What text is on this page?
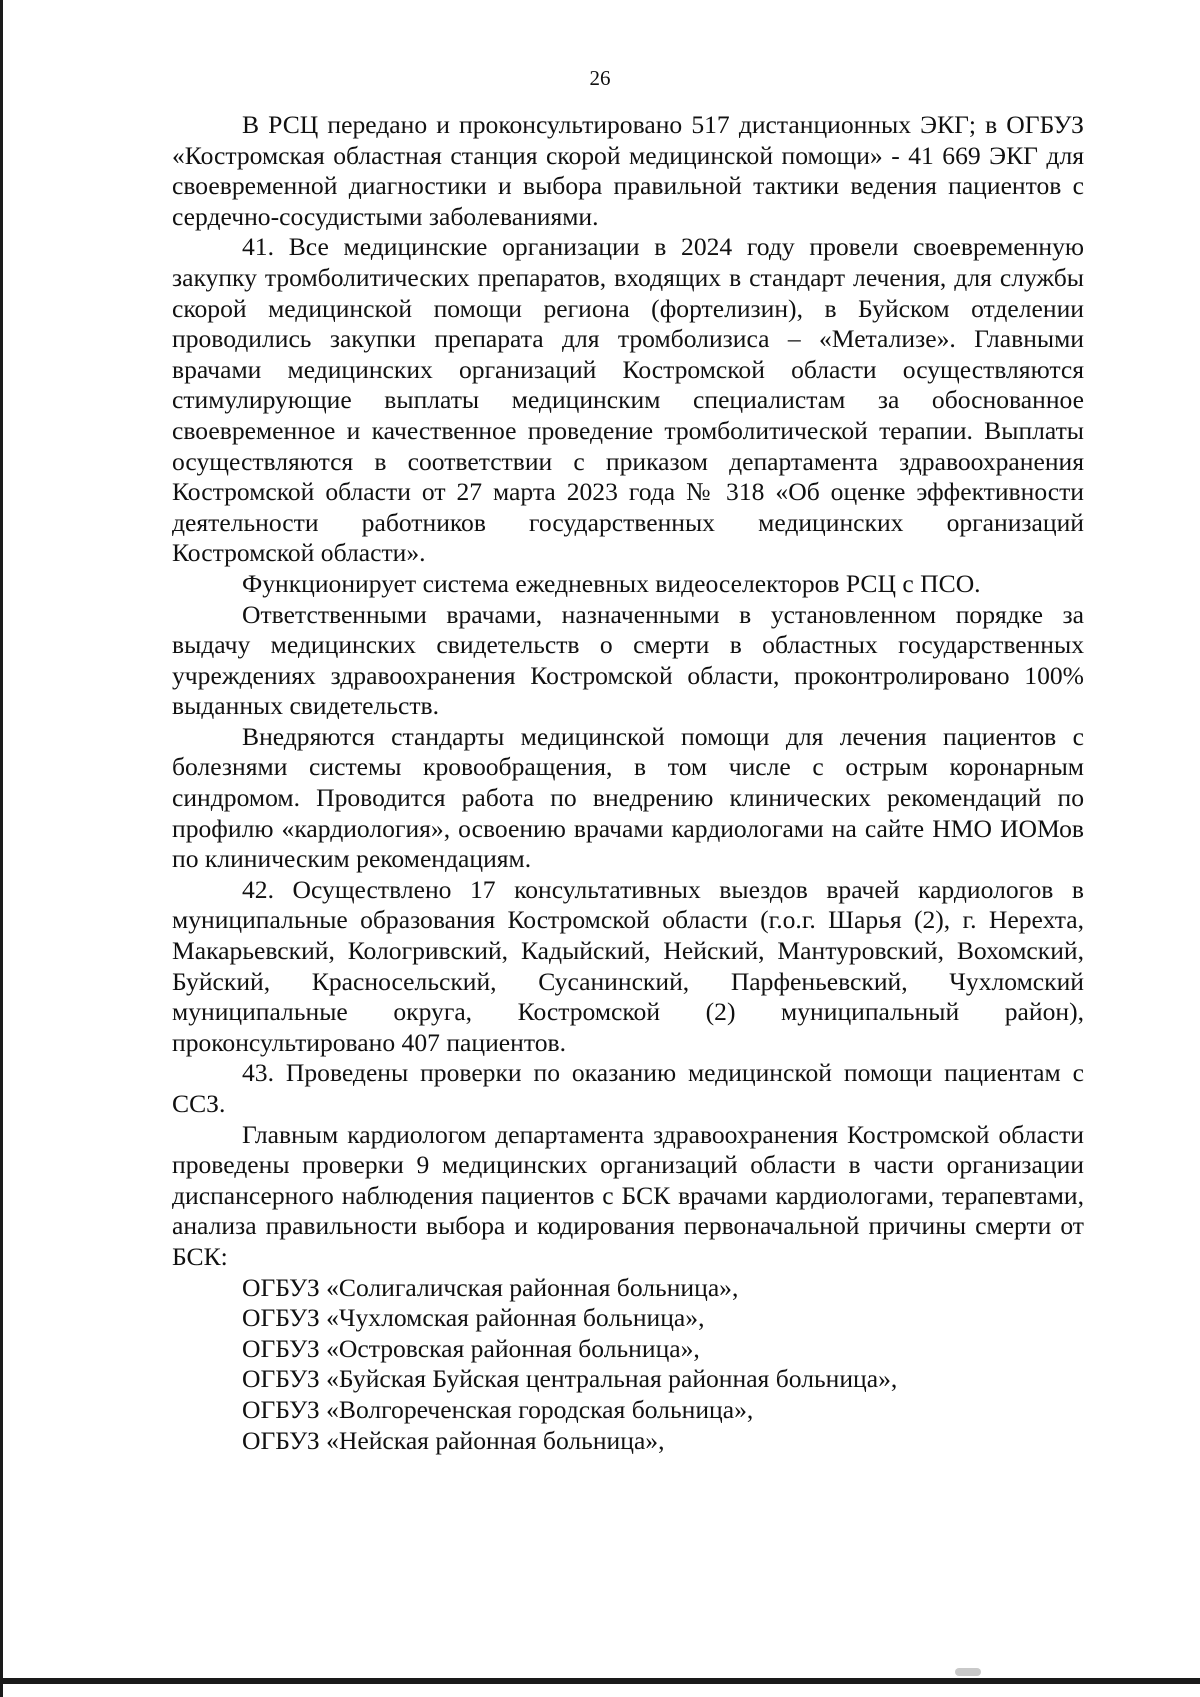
26

В РСЦ передано и проконсультировано 517 дистанционных ЭКГ; в ОГБУЗ «Костромская областная станция скорой медицинской помощи» - 41 669 ЭКГ для своевременной диагностики и выбора правильной тактики ведения пациентов с сердечно-сосудистыми заболеваниями.

41. Все медицинские организации в 2024 году провели своевременную закупку тромболитических препаратов, входящих в стандарт лечения, для службы скорой медицинской помощи региона (фортелизин), в Буйском отделении проводились закупки препарата для тромболизиса – «Метализе». Главными врачами медицинских организаций Костромской области осуществляются стимулирующие выплаты медицинским специалистам за обоснованное своевременное и качественное проведение тромболитической терапии. Выплаты осуществляются в соответствии с приказом департамента здравоохранения Костромской области от 27 марта 2023 года № 318 «Об оценке эффективности деятельности работников государственных медицинских организаций Костромской области».

Функционирует система ежедневных видеоселекторов РСЦ с ПСО.

Ответственными врачами, назначенными в установленном порядке за выдачу медицинских свидетельств о смерти в областных государственных учреждениях здравоохранения Костромской области, проконтролировано 100% выданных свидетельств.

Внедряются стандарты медицинской помощи для лечения пациентов с болезнями системы кровообращения, в том числе с острым коронарным синдромом. Проводится работа по внедрению клинических рекомендаций по профилю «кардиология», освоению врачами кардиологами на сайте НМО ИОМов по клиническим рекомендациям.

42. Осуществлено 17 консультативных выездов врачей кардиологов в муниципальные образования Костромской области (г.о.г. Шарья (2), г. Нерехта, Макарьевский, Кологривский, Кадыйский, Нейский, Мантуровский, Вохомский, Буйский, Красносельский, Сусанинский, Парфеньевский, Чухломский муниципальные округа, Костромской (2) муниципальный район), проконсультировано 407 пациентов.

43. Проведены проверки по оказанию медицинской помощи пациентам с ССЗ.

Главным кардиологом департамента здравоохранения Костромской области проведены проверки 9 медицинских организаций области в части организации диспансерного наблюдения пациентов с БСК врачами кардиологами, терапевтами, анализа правильности выбора и кодирования первоначальной причины смерти от БСК:

ОГБУЗ «Солигаличская районная больница»,
ОГБУЗ «Чухломская районная больница»,
ОГБУЗ «Островская районная больница»,
ОГБУЗ «Буйская Буйская центральная районная больница»,
ОГБУЗ «Волгореченская городская больница»,
ОГБУЗ «Нейская районная больница»,
